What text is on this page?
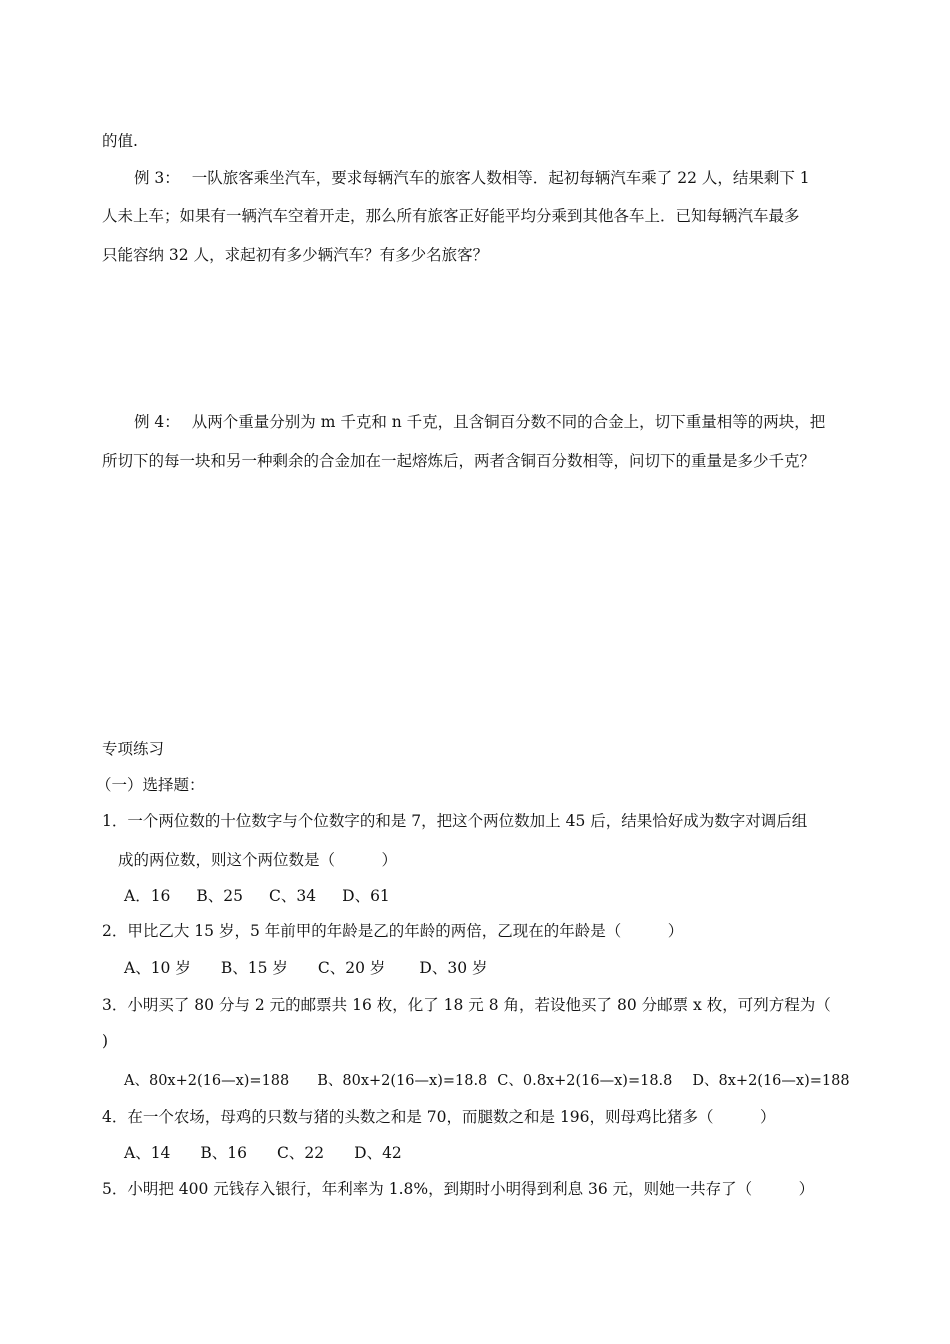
的值.
例 3： 一队旅客乘坐汽车，要求每辆汽车的旅客人数相等．起初每辆汽车乘了 22 人，结果剩下 1
人未上车；如果有一辆汽车空着开走，那么所有旅客正好能平均分乘到其他各车上．已知每辆汽车最多
只能容纳 32 人，求起初有多少辆汽车？有多少名旅客？
例 4： 从两个重量分别为 m 千克和 n 千克，且含铜百分数不同的合金上，切下重量相等的两块，把
所切下的每一块和另一种剩余的合金加在一起熔炼后，两者含铜百分数相等，问切下的重量是多少千克？
专项练习
（一）选择题：
1．一个两位数的十位数字与个位数字的和是 7，把这个两位数加上 45 后，结果恰好成为数字对调后组
成的两位数，则这个两位数是（　　　）
A．16 B、25 C、34 D、61
2．甲比乙大 15 岁，5 年前甲的年龄是乙的年龄的两倍，乙现在的年龄是（　　　）
A、10 岁 B、15 岁 C、20 岁 D、30 岁
3．小明买了 80 分与 2 元的邮票共 16 枚，化了 18 元 8 角，若设他买了 80 分邮票 x 枚，可列方程为（
)
A、80x+2(16—x)=188 B、80x+2(16—x)=18.8 C、0.8x+2(16—x)=18.8 D、8x+2(16—x)=188
4．在一个农场，母鸡的只数与猪的头数之和是 70，而腿数之和是 196，则母鸡比猪多（　　　）
A、14 B、16 C、22 D、42
5．小明把 400 元钱存入银行，年利率为 1.8%，到期时小明得到利息 36 元，则她一共存了（　　　）
